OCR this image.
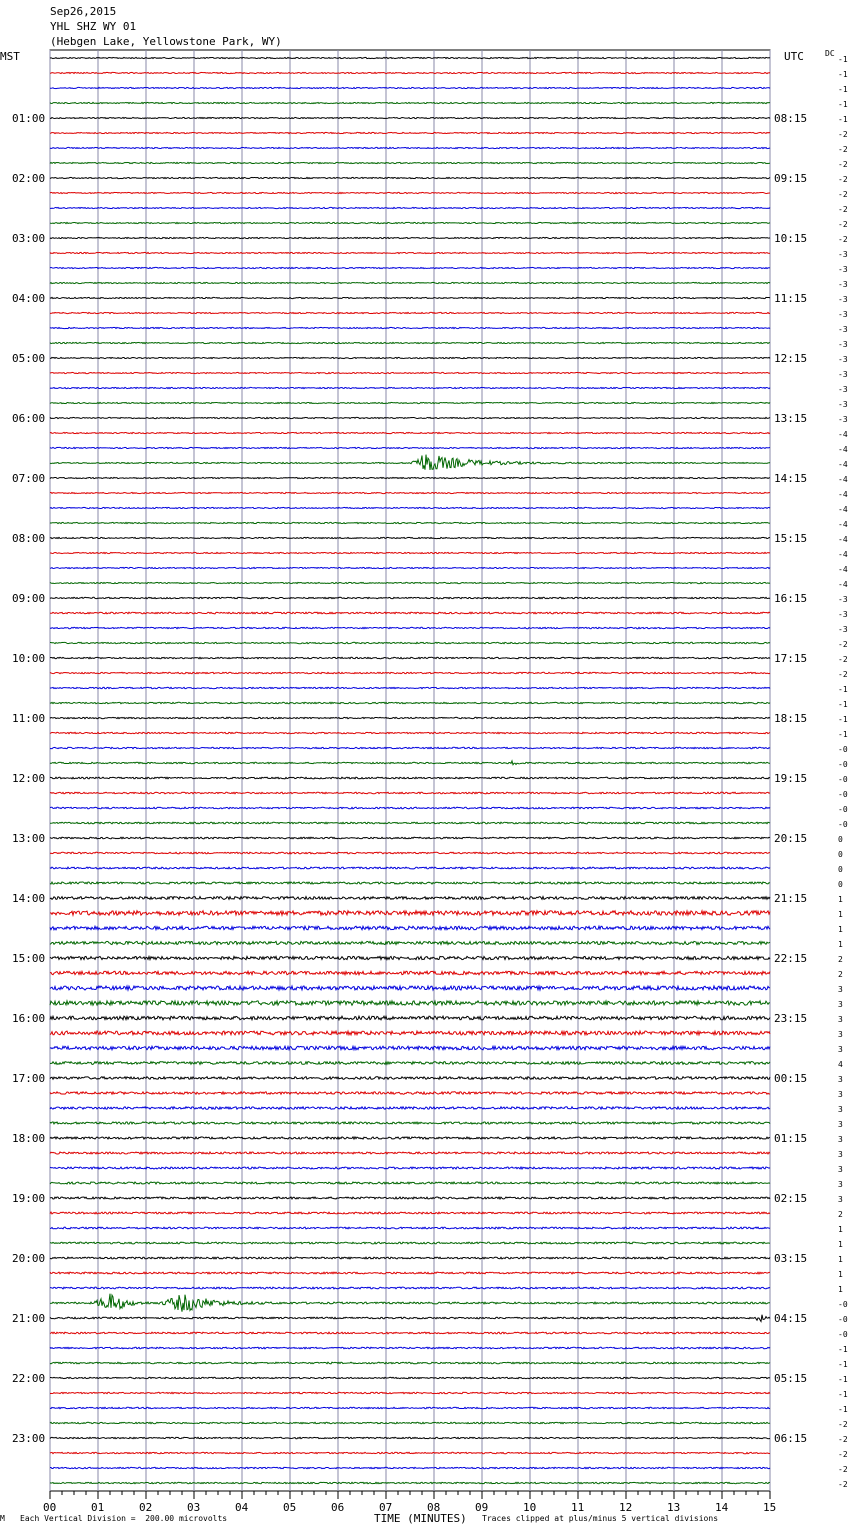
Sep26,2015
YHL SHZ WY 01
(Hebgen Lake, Yellowstone Park, WY)
MST	UTC	DC
TIME (MINUTES)
00	01	02	03	04	05	06	07	08	09	10	11	12	13	14	15
-1
-1
-1
-1
-1
-2
-2
-2
-2
-2
-2
-2
-2
-3
-3
-3
-3
-3
-3
-3
-3
-3
-3
-3
-3
-4
-4
-4
-4
-4
-4
-4
-4
-4
-4
-4
-3
-3
-3
-2
-2
-2
-1
-1
-1
-1
-0
-0
-0
-0
-0
-0
0
0
0
0
1
1
1
1
2
2
3
3
3
3
3
4
3
3
3
3
3
3
3
3
3
2
1
1
1
1
1
-0
-0
-0
-1
-1
-1
-1
-1
-2
-2
-2
-2
-2
01:00
02:00
03:00
04:00
05:00
06:00
07:00
08:00
09:00
10:00
11:00
12:00
13:00
14:00
15:00
16:00
17:00
18:00
19:00
20:00
21:00
22:00
23:00
08:15
09:15
10:15
11:15
12:15
13:15
14:15
15:15
16:15
17:15
18:15
19:15
20:15
21:15
22:15
23:15
00:15
01:15
02:15
03:15
04:15
05:15
06:15
M Each Vertical Division =  200.00 microvolts	Traces clipped at plus/minus 5 vertical divisions
